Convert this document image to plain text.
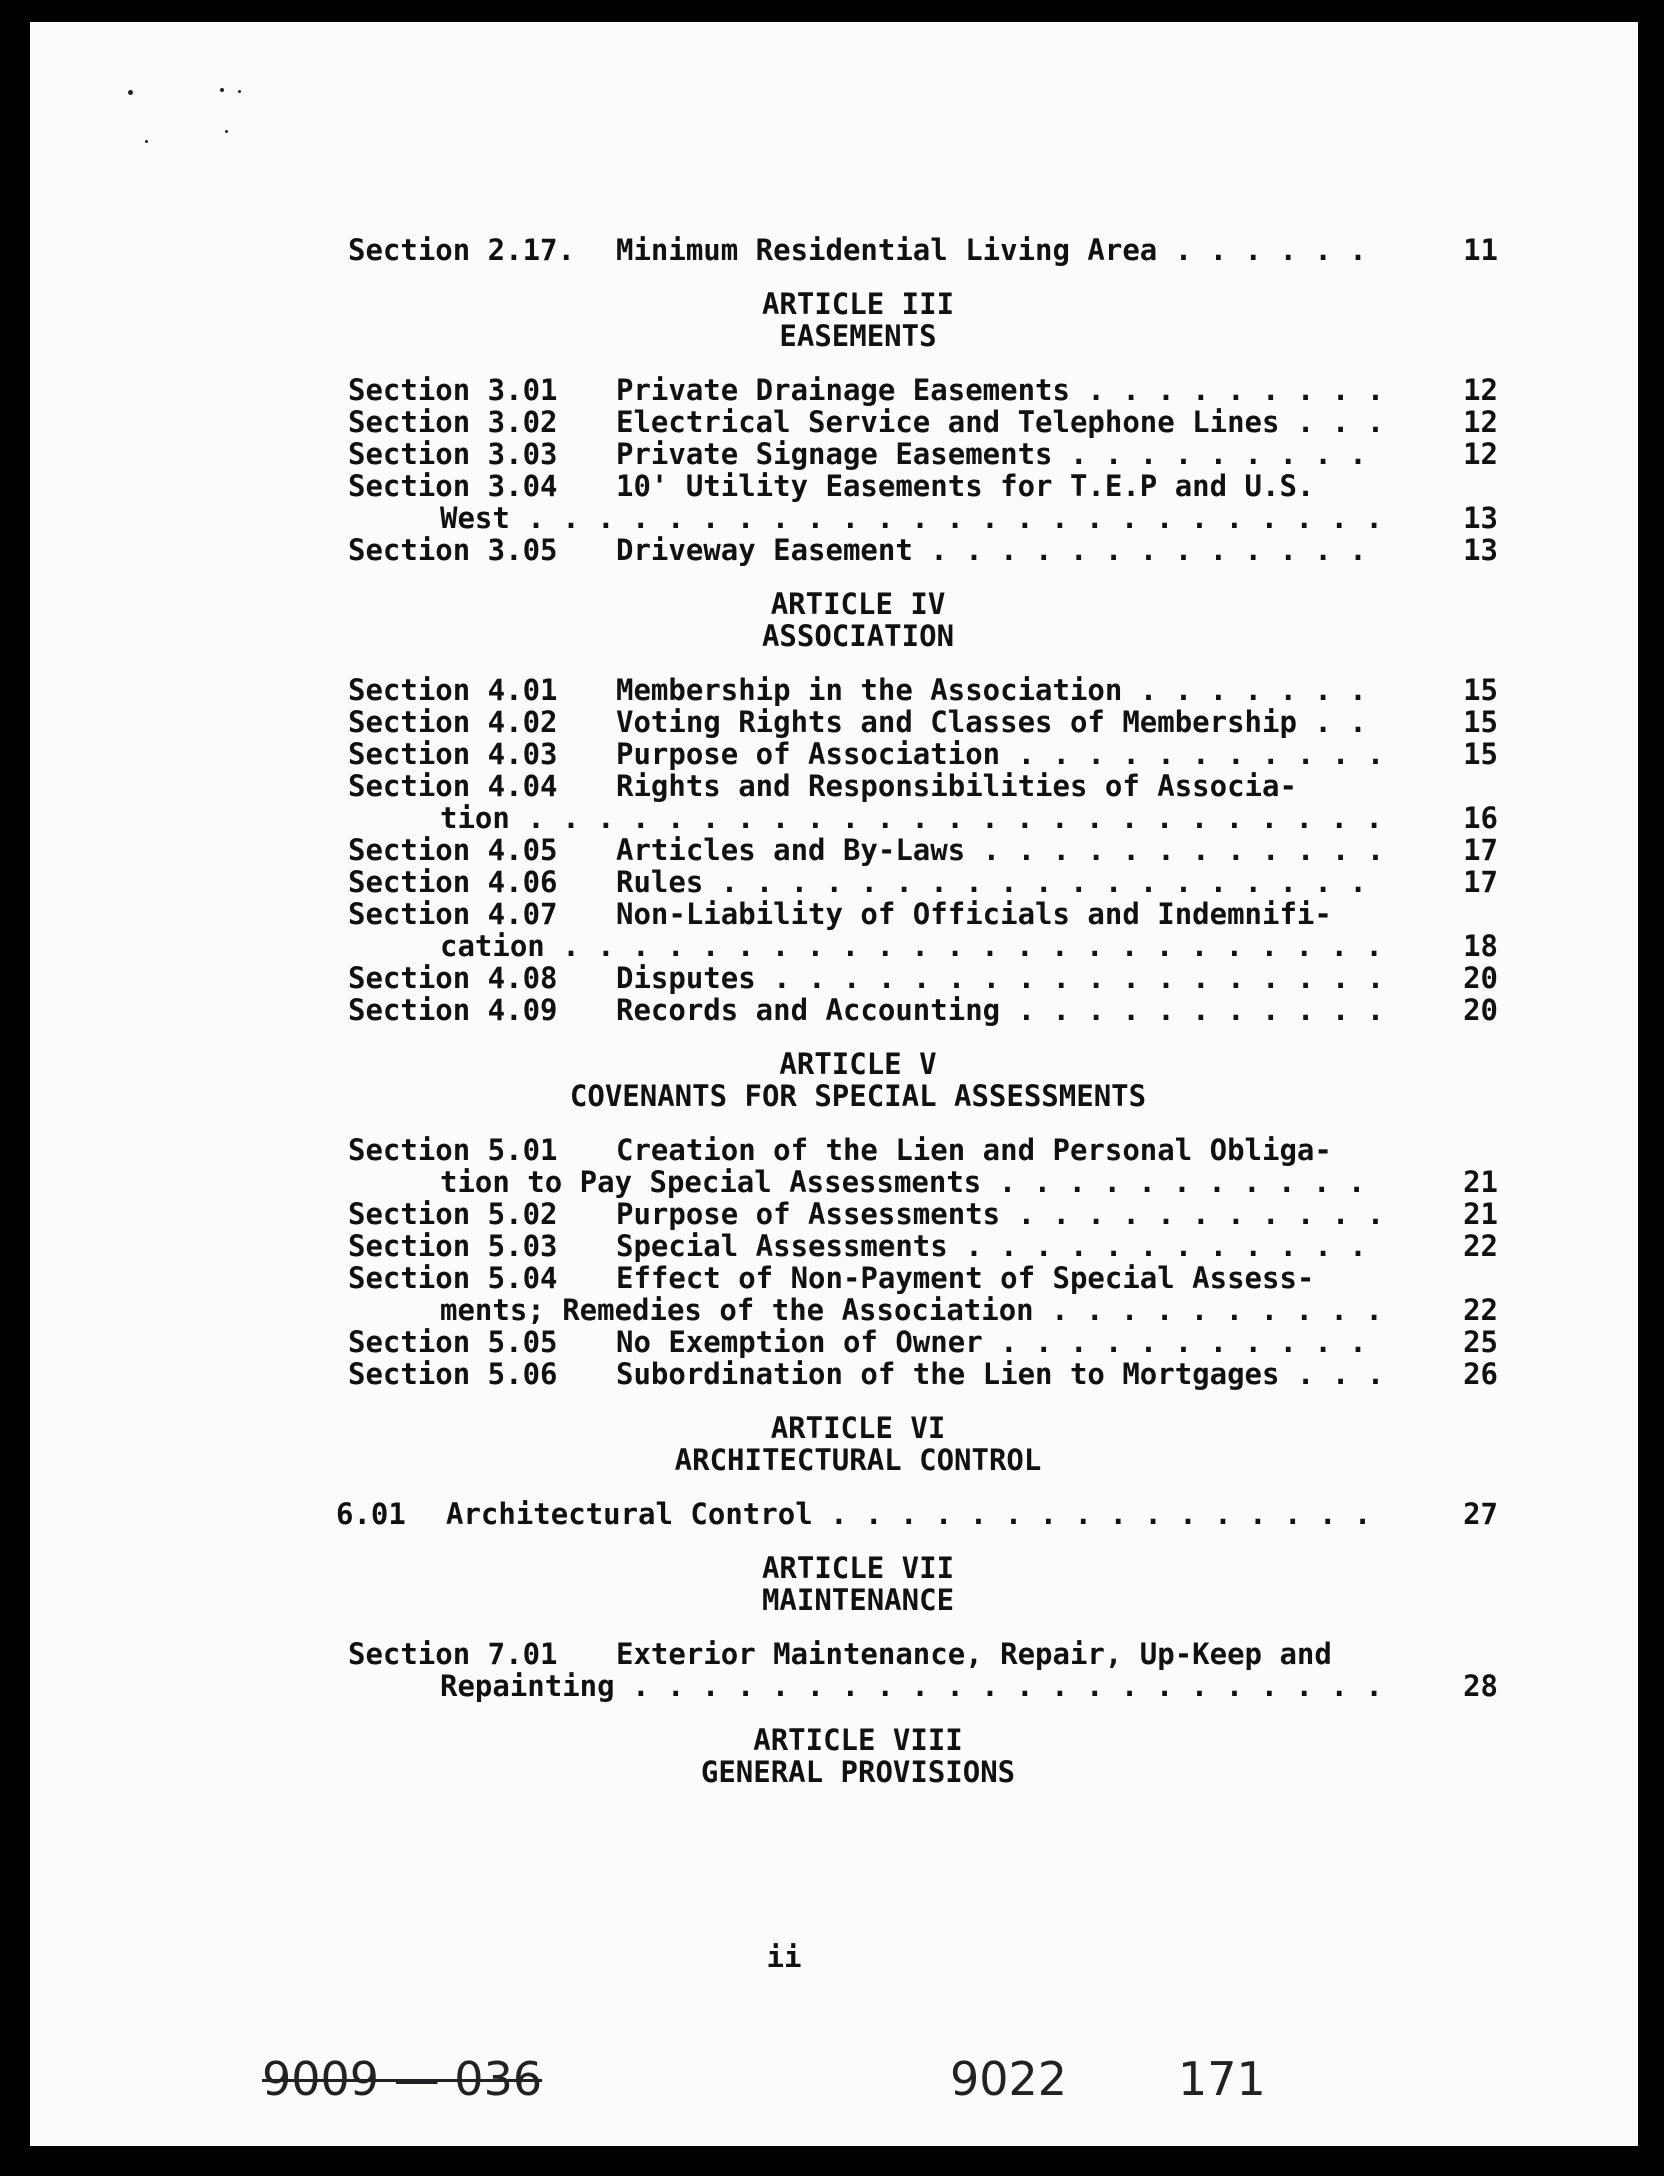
Section 2.17.	Minimum Residential Living Area . . .	11
ARTICLE III
EASEMENTS
Section 3.01	Private Drainage Easements . . .	12
Section 3.02	Electrical Service and Telephone Lines . . .	12
Section 3.03	Private Signage Easements . . .	12
Section 3.04	10' Utility Easements for T.E.P and U.S.
West . . .	13
Section 3.05	Driveway Easement . . .	13
ARTICLE IV
ASSOCIATION
Section 4.01	Membership in the Association . . .	15
Section 4.02	Voting Rights and Classes of Membership . . .	15
Section 4.03	Purpose of Association . . .	15
Section 4.04	Rights and Responsibilities of Associa-
tion . . .	16
Section 4.05	Articles and By-Laws . . .	17
Section 4.06	Rules . . .	17
Section 4.07	Non-Liability of Officials and Indemnifi-
cation . . .	18
Section 4.08	Disputes . . .	20
Section 4.09	Records and Accounting . . .	20
ARTICLE V
COVENANTS FOR SPECIAL ASSESSMENTS
Section 5.01	Creation of the Lien and Personal Obliga-
tion to Pay Special Assessments . . .	21
Section 5.02	Purpose of Assessments . . .	21
Section 5.03	Special Assessments . . .	22
Section 5.04	Effect of Non-Payment of Special Assess-
ments; Remedies of the Association . . .	22
Section 5.05	No Exemption of Owner . . .	25
Section 5.06	Subordination of the Lien to Mortgages . . .	26
ARTICLE VI
ARCHITECTURAL CONTROL
6.01	Architectural Control . . .	27
ARTICLE VII
MAINTENANCE
Section 7.01	Exterior Maintenance, Repair, Up-Keep and
Repainting . . .	28
ARTICLE VIII
GENERAL PROVISIONS
ii
9009 — 036	9022 171
